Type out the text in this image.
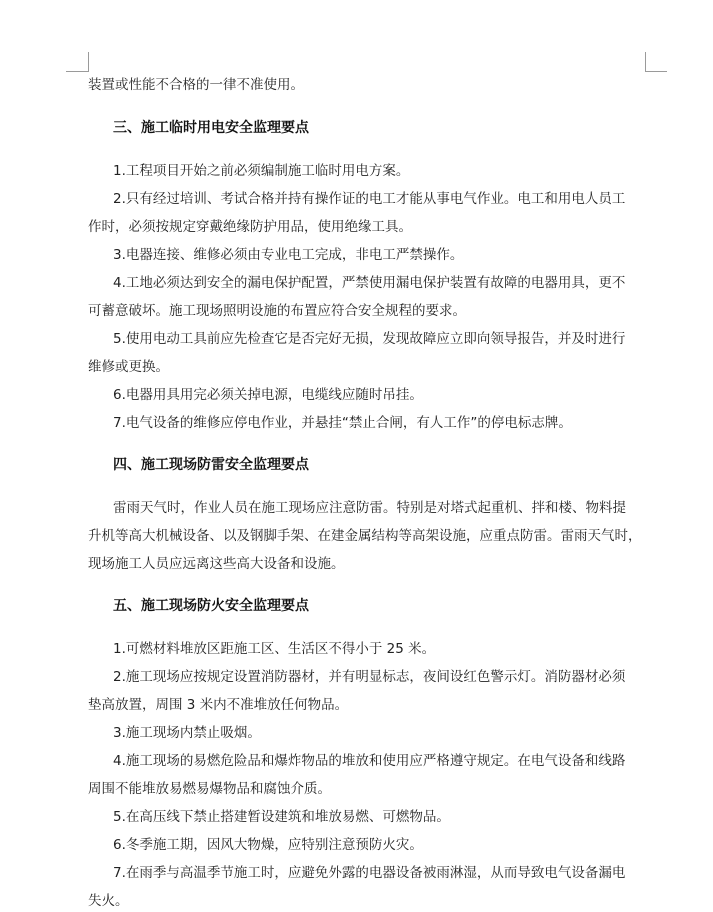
装置或性能不合格的一律不准使用。
三、施工临时用电安全监理要点
1.工程项目开始之前必须编制施工临时用电方案。
2.只有经过培训、考试合格并持有操作证的电工才能从事电气作业。电工和用电人员工
作时，必须按规定穿戴绝缘防护用品，使用绝缘工具。
3.电器连接、维修必须由专业电工完成，非电工严禁操作。
4.工地必须达到安全的漏电保护配置，严禁使用漏电保护装置有故障的电器用具，更不
可蓄意破坏。施工现场照明设施的布置应符合安全规程的要求。
5.使用电动工具前应先检查它是否完好无损，发现故障应立即向领导报告，并及时进行
维修或更换。
6.电器用具用完必须关掉电源，电缆线应随时吊挂。
7.电气设备的维修应停电作业，并悬挂“禁止合闸，有人工作”的停电标志牌。
四、施工现场防雷安全监理要点
雷雨天气时，作业人员在施工现场应注意防雷。特别是对塔式起重机、拌和楼、物料提
升机等高大机械设备、以及钢脚手架、在建金属结构等高架设施，应重点防雷。雷雨天气时，
现场施工人员应远离这些高大设备和设施。
五、施工现场防火安全监理要点
1.可燃材料堆放区距施工区、生活区不得小于 25 米。
2.施工现场应按规定设置消防器材，并有明显标志，夜间设红色警示灯。消防器材必须
垫高放置，周围 3 米内不准堆放任何物品。
3.施工现场内禁止吸烟。
4.施工现场的易燃危险品和爆炸物品的堆放和使用应严格遵守规定。在电气设备和线路
周围不能堆放易燃易爆物品和腐蚀介质。
5.在高压线下禁止搭建暂设建筑和堆放易燃、可燃物品。
6.冬季施工期，因风大物燥，应特别注意预防火灾。
7.在雨季与高温季节施工时，应避免外露的电器设备被雨淋湿，从而导致电气设备漏电
失火。
